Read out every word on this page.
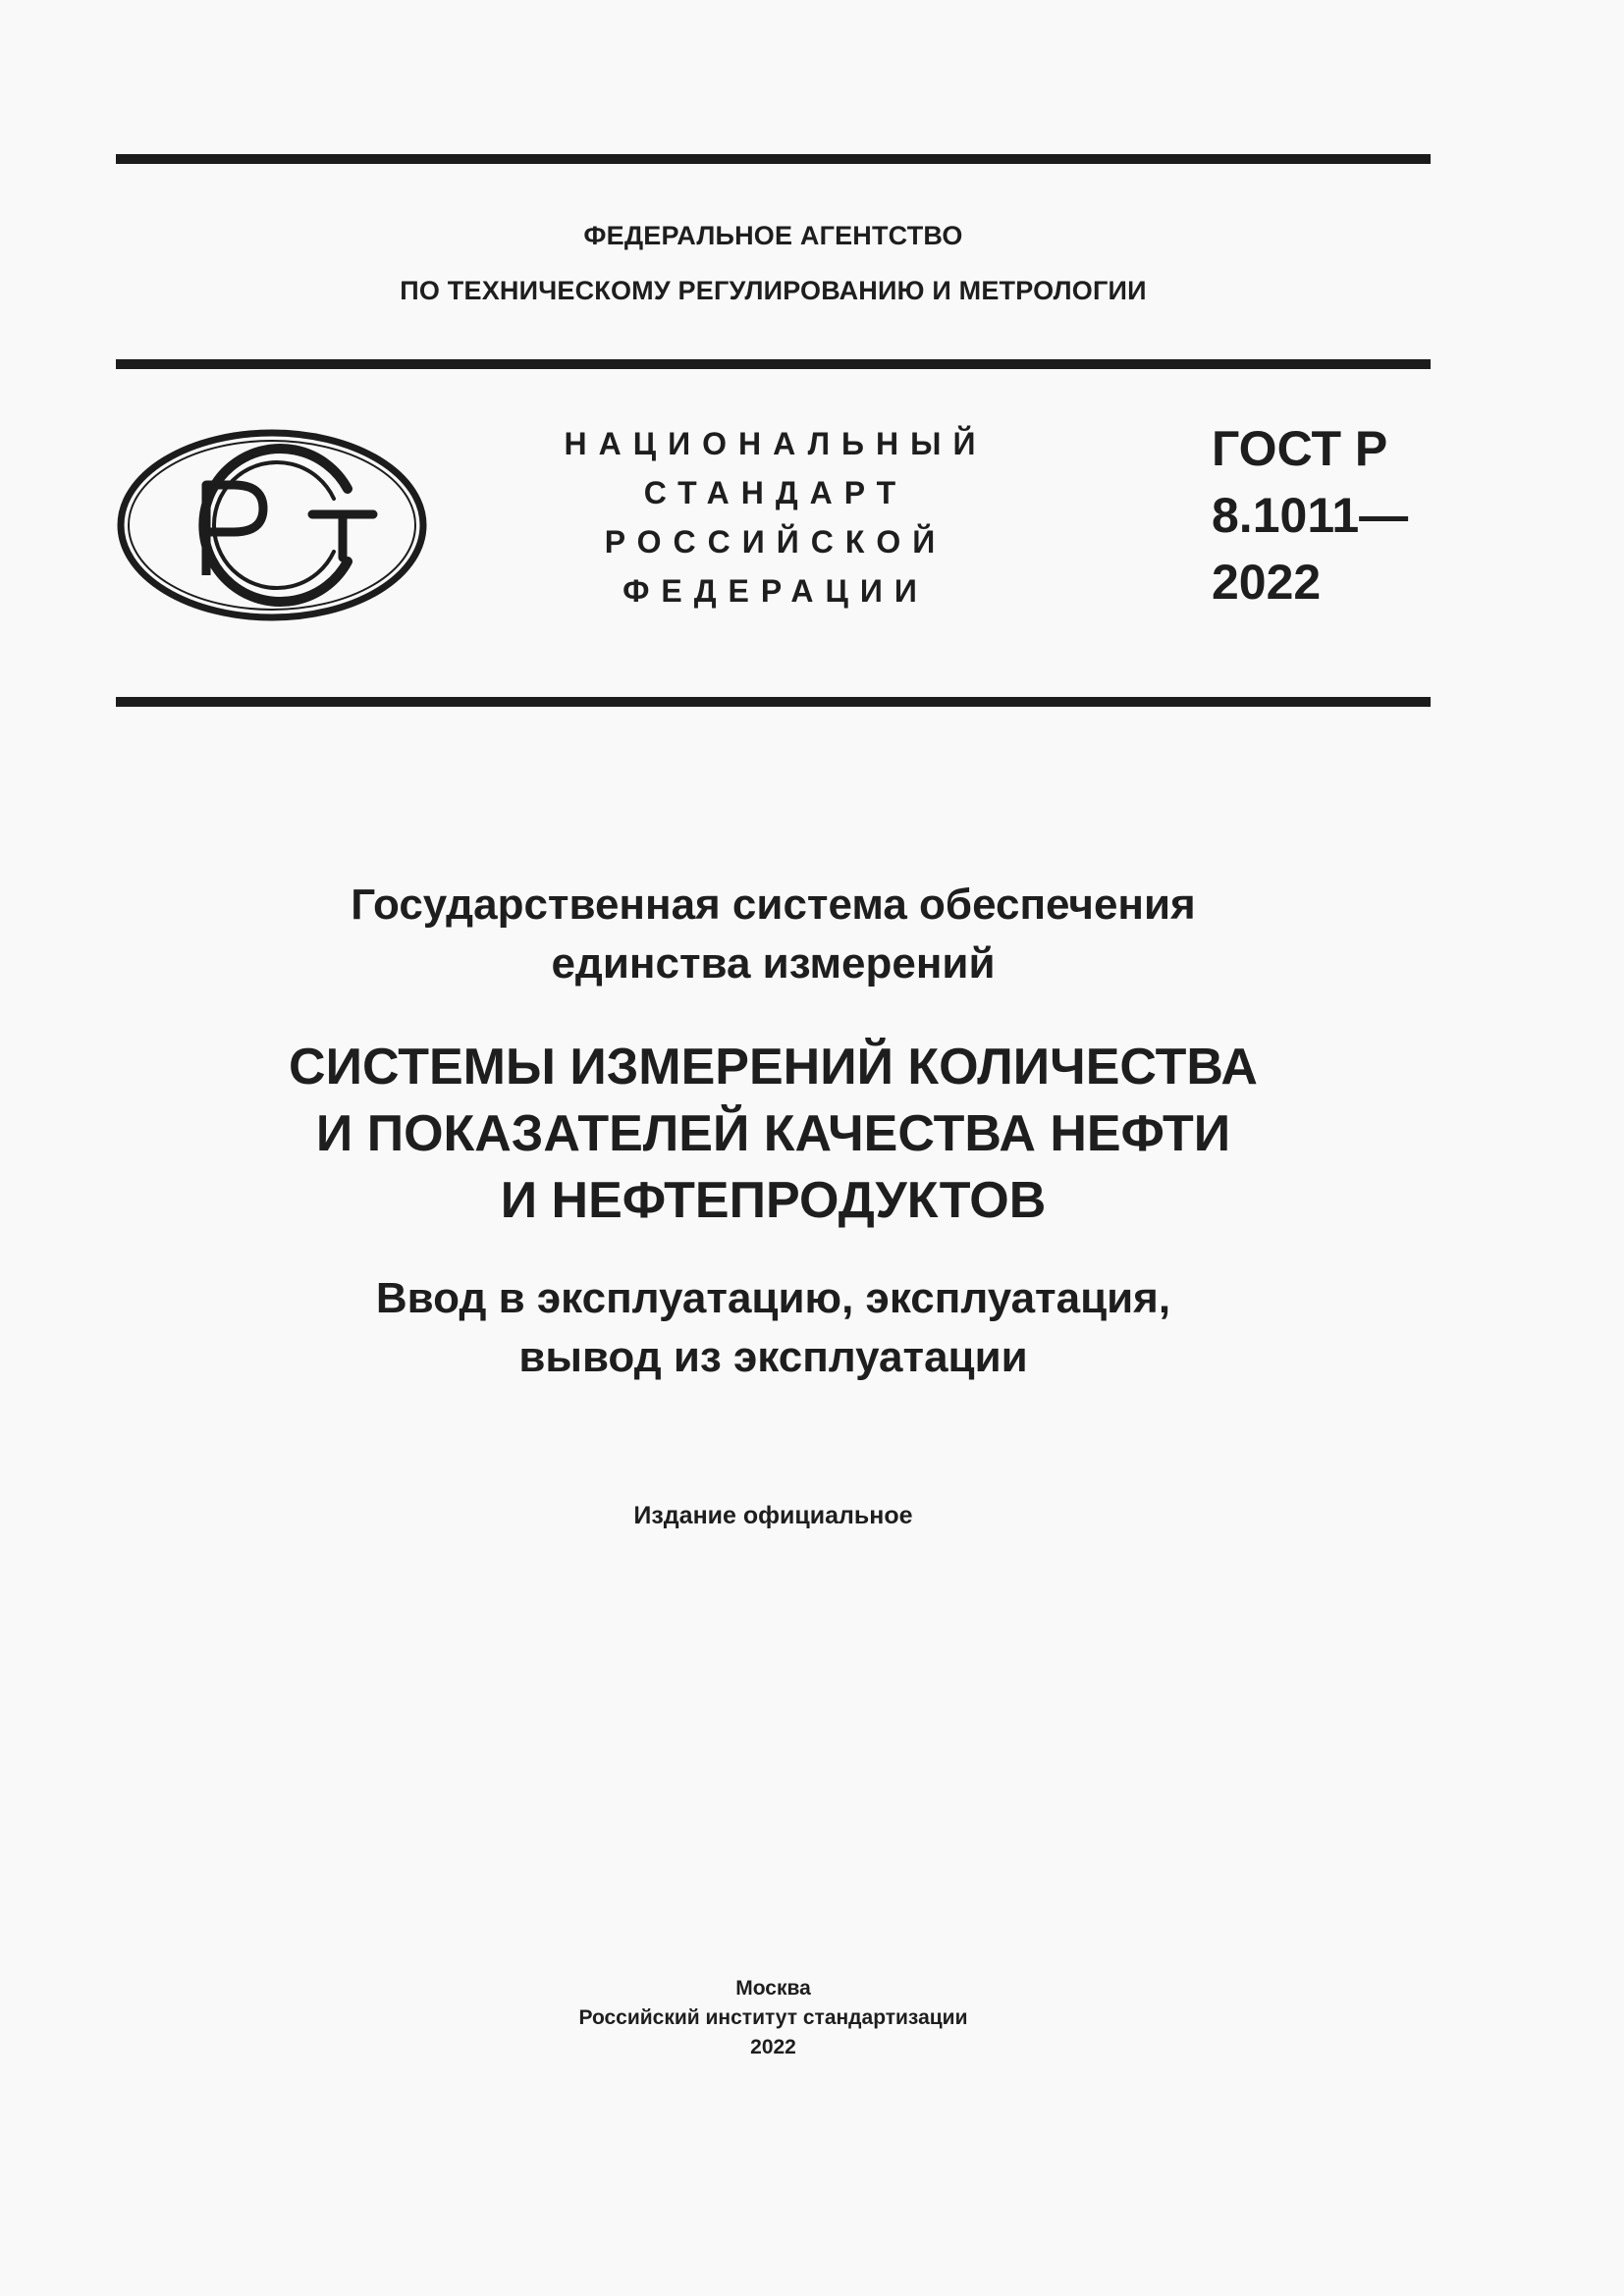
ФЕДЕРАЛЬНОЕ АГЕНТСТВО
ПО ТЕХНИЧЕСКОМУ РЕГУЛИРОВАНИЮ И МЕТРОЛОГИИ
НАЦИОНАЛЬНЫЙ
СТАНДАРТ
РОССИЙСКОЙ
ФЕДЕРАЦИИ
ГОСТ Р
8.1011—
2022
Государственная система обеспечения
единства измерений
СИСТЕМЫ ИЗМЕРЕНИЙ КОЛИЧЕСТВА
И ПОКАЗАТЕЛЕЙ КАЧЕСТВА НЕФТИ
И НЕФТЕПРОДУКТОВ
Ввод в эксплуатацию, эксплуатация,
вывод из эксплуатации
Издание официальное
Москва
Российский институт стандартизации
2022
